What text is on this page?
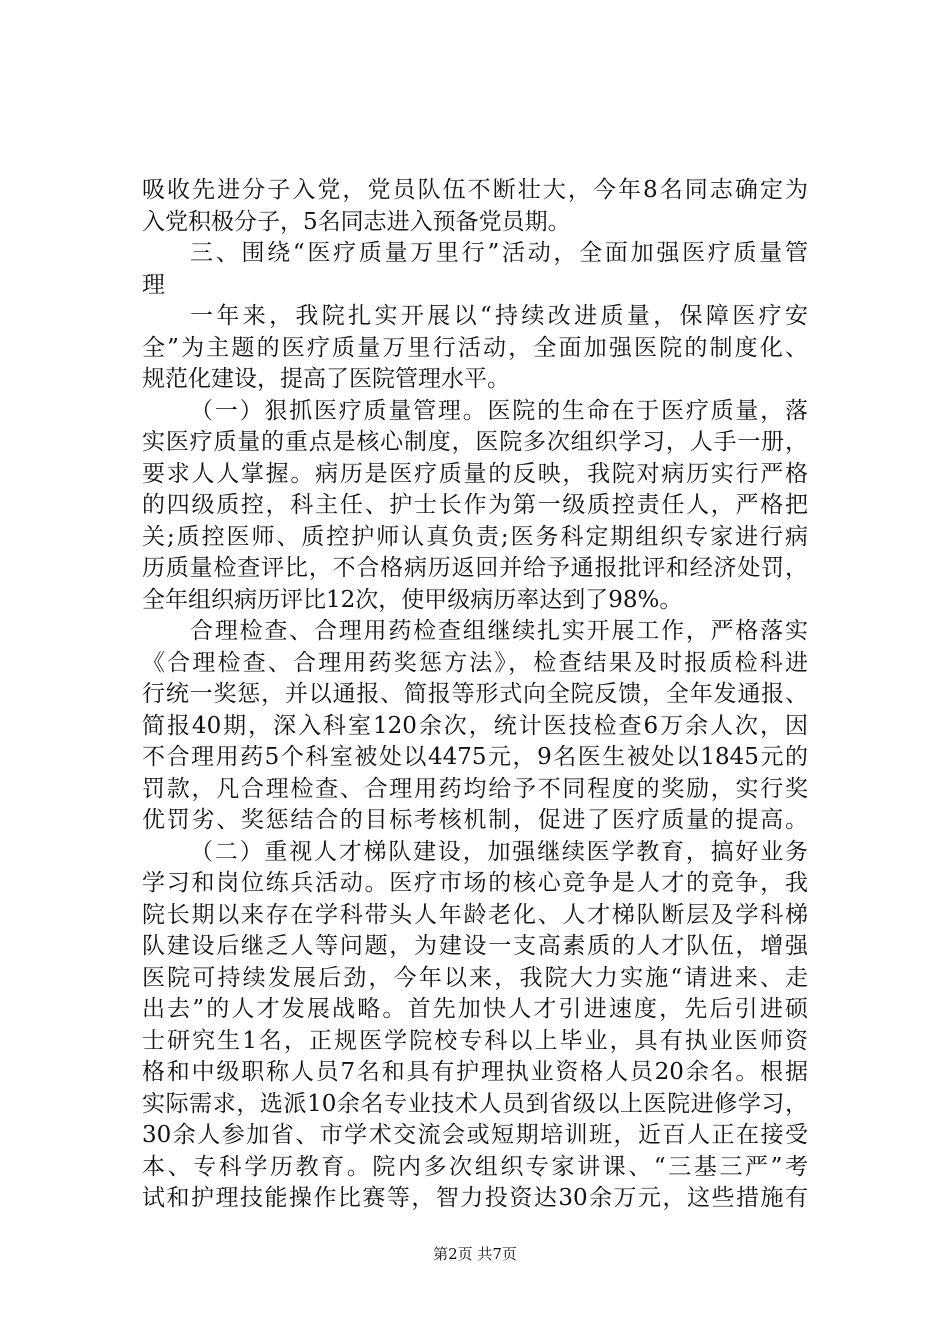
吸收先进分子入党，党员队伍不断壮大，今年8名同志确定为
入党积极分子，5名同志进入预备党员期。
三、围绕“医疗质量万里行”活动，全面加强医疗质量管
理
一年来，我院扎实开展以“持续改进质量，保障医疗安
全”为主题的医疗质量万里行活动，全面加强医院的制度化、
规范化建设，提高了医院管理水平。
（一）狠抓医疗质量管理。医院的生命在于医疗质量，落
实医疗质量的重点是核心制度，医院多次组织学习，人手一册，
要求人人掌握。病历是医疗质量的反映，我院对病历实行严格
的四级质控，科主任、护士长作为第一级质控责任人，严格把
关;质控医师、质控护师认真负责;医务科定期组织专家进行病
历质量检查评比，不合格病历返回并给予通报批评和经济处罚，
全年组织病历评比12次，使甲级病历率达到了98%。
合理检查、合理用药检查组继续扎实开展工作，严格落实
《合理检查、合理用药奖惩方法》，检查结果及时报质检科进
行统一奖惩，并以通报、简报等形式向全院反馈，全年发通报、
简报40期，深入科室120余次，统计医技检查6万余人次，因
不合理用药5个科室被处以4475元，9名医生被处以1845元的
罚款，凡合理检查、合理用药均给予不同程度的奖励，实行奖
优罚劣、奖惩结合的目标考核机制，促进了医疗质量的提高。
（二）重视人才梯队建设，加强继续医学教育，搞好业务
学习和岗位练兵活动。医疗市场的核心竞争是人才的竞争，我
院长期以来存在学科带头人年龄老化、人才梯队断层及学科梯
队建设后继乏人等问题，为建设一支高素质的人才队伍，增强
医院可持续发展后劲，今年以来，我院大力实施“请进来、走
出去”的人才发展战略。首先加快人才引进速度，先后引进硕
士研究生1名，正规医学院校专科以上毕业，具有执业医师资
格和中级职称人员7名和具有护理执业资格人员20余名。根据
实际需求，选派10余名专业技术人员到省级以上医院进修学习，
30余人参加省、市学术交流会或短期培训班，近百人正在接受
本、专科学历教育。院内多次组织专家讲课、“三基三严”考
试和护理技能操作比赛等，智力投资达30余万元，这些措施有
第2页 共7页
